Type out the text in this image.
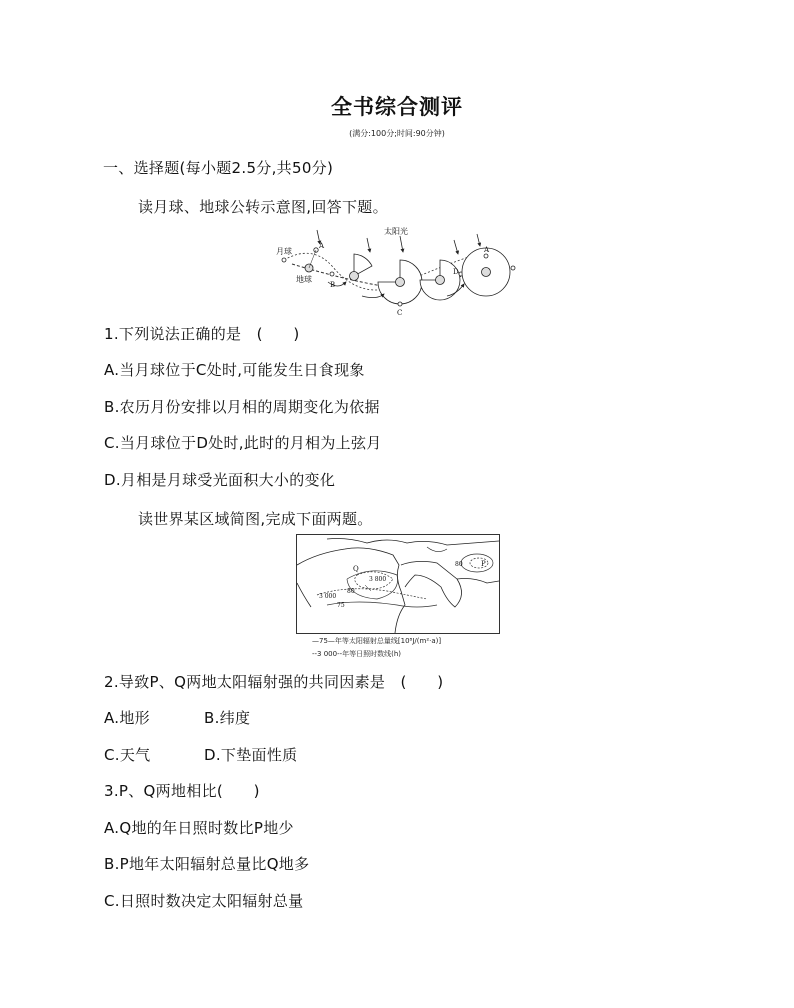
全书综合测评
(满分:100分;时间:90分钟)
一、选择题(每小题2.5分,共50分)
读月球、地球公转示意图,回答下题。
月球
地球
太阳光
A
B
C
D
A
1.下列说法正确的是　(　　)
A.当月球位于C处时,可能发生日食现象
B.农历月份安排以月相的周期变化为依据
C.当月球位于D处时,此时的月相为上弦月
D.月相是月球受光面积大小的变化
读世界某区域简图,完成下面两题。
Q
P
3 800
80
3 000
75
80
—75—年等太阳辐射总量线[10⁸J/(m²·a)]
--3 000--年等日照时数线(h)
2.导致P、Q两地太阳辐射强的共同因素是　(　　)
A.地形	B.纬度
C.天气	D.下垫面性质
3.P、Q两地相比(　　)
A.Q地的年日照时数比P地少
B.P地年太阳辐射总量比Q地多
C.日照时数决定太阳辐射总量
